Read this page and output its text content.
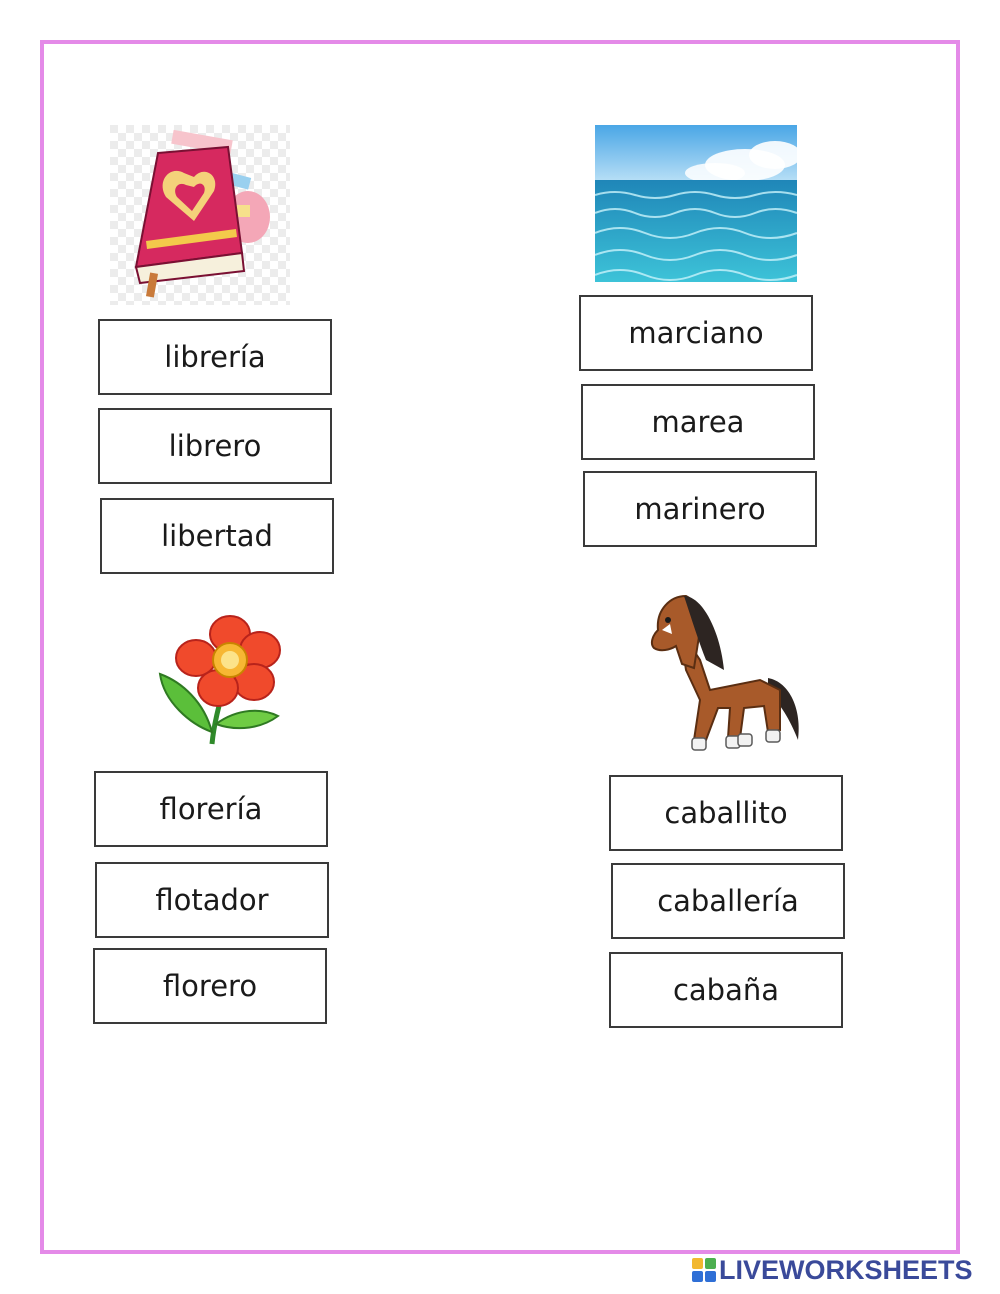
librería
librero
libertad
marciano
marea
marinero
florería
flotador
florero
caballito
caballería
cabaña
LIVEWORKSHEETS
